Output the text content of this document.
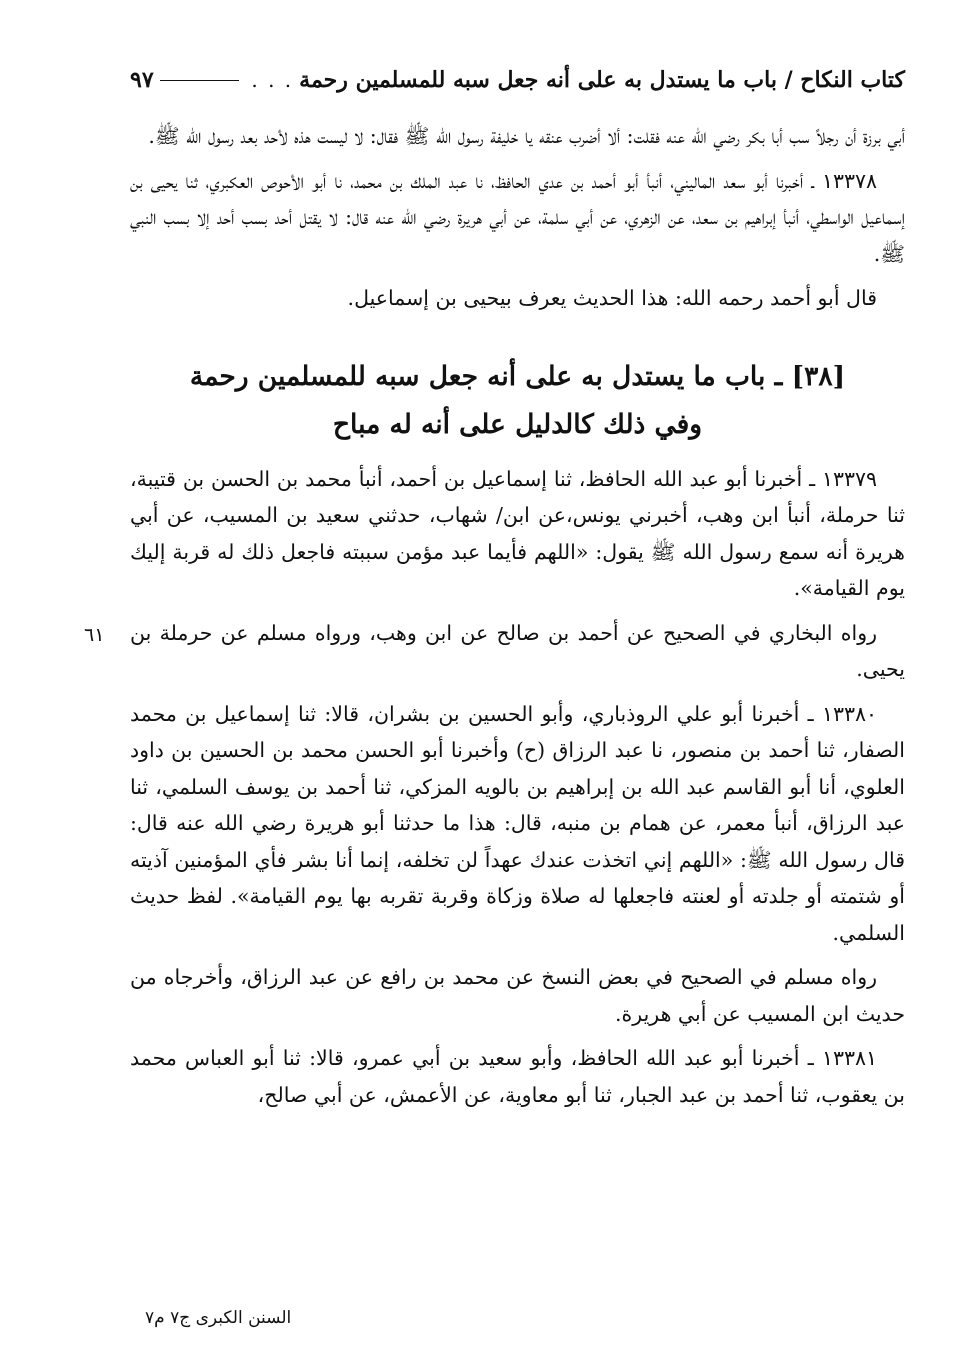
كتاب النكاح / باب ما يستدل به على أنه جعل سبه للمسلمين رحمة
. . .
٩٧

أبي برزة أن رجلاً سب أبا بكر رضي الله عنه فقلت: ألا أضرب عنقه يا خليفة رسول الله ﷺ فقال: لا ليست هذه لأحد بعد رسول الله ﷺ.

١٣٣٧٨ ـ أخبرنا أبو سعد الماليني، أنبأ أبو أحمد بن عدي الحافظ، نا عبد الملك بن محمد، نا أبو الأحوص العكبري، ثنا يحيى بن إسماعيل الواسطي، أنبأ إبراهيم بن سعد، عن الزهري، عن أبي سلمة، عن أبي هريرة رضي الله عنه قال: لا يقتل أحد بسب أحد إلا بسب النبي ﷺ.

قال أبو أحمد رحمه الله: هذا الحديث يعرف بيحيى بن إسماعيل.

[٣٨] ـ باب ما يستدل به على أنه جعل سبه للمسلمين رحمة
وفي ذلك كالدليل على أنه له مباح

١٣٣٧٩ ـ أخبرنا أبو عبد الله الحافظ، ثنا إسماعيل بن أحمد، أنبأ محمد بن الحسن بن قتيبة، ثنا حرملة، أنبأ ابن وهب، أخبرني يونس،عن ابن/ شهاب، حدثني سعيد بن المسيب، عن أبي هريرة أنه سمع رسول الله ﷺ يقول: «اللهم فأيما عبد مؤمن سببته فاجعل ذلك له قربة إليك يوم القيامة».

رواه البخاري في الصحيح عن أحمد بن صالح عن ابن وهب، ورواه مسلم عن حرملة بن يحيى.

١٣٣٨٠ ـ أخبرنا أبو علي الروذباري، وأبو الحسين بن بشران، قالا: ثنا إسماعيل بن محمد الصفار، ثنا أحمد بن منصور، نا عبد الرزاق (ح) وأخبرنا أبو الحسن محمد بن الحسين بن داود العلوي، أنا أبو القاسم عبد الله بن إبراهيم بن بالويه المزكي، ثنا أحمد بن يوسف السلمي، ثنا عبد الرزاق، أنبأ معمر، عن همام بن منبه، قال: هذا ما حدثنا أبو هريرة رضي الله عنه قال: قال رسول الله ﷺ: «اللهم إني اتخذت عندك عهداً لن تخلفه، إنما أنا بشر فأي المؤمنين آذيته أو شتمته أو جلدته أو لعنته فاجعلها له صلاة وزكاة وقربة تقربه بها يوم القيامة». لفظ حديث السلمي.

رواه مسلم في الصحيح في بعض النسخ عن محمد بن رافع عن عبد الرزاق، وأخرجاه من حديث ابن المسيب عن أبي هريرة.

١٣٣٨١ ـ أخبرنا أبو عبد الله الحافظ، وأبو سعيد بن أبي عمرو، قالا: ثنا أبو العباس محمد بن يعقوب، ثنا أحمد بن عبد الجبار، ثنا أبو معاوية، عن الأعمش، عن أبي صالح،

٦١
السنن الكبرى ج٧ م٧
